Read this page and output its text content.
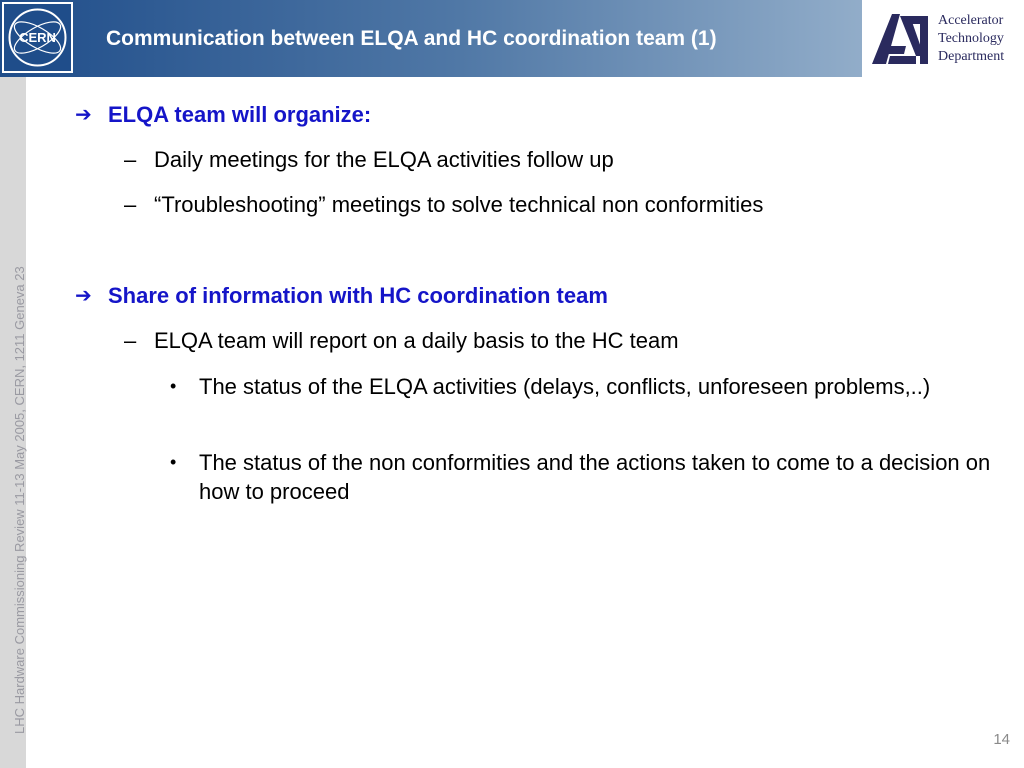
CERN Communication between ELQA and HC coordination team (1)
Accelerator
Technology
Department
LHC Hardware Commissioning Review 11-13 May 2005, CERN, 1211 Geneva 23
➔ ELQA team will organize:
– Daily meetings for the ELQA activities follow up
– “Troubleshooting” meetings to solve technical non conformities
➔ Share of information with HC coordination team
– ELQA team will report on a daily basis to the HC team
• The status of the ELQA activities (delays, conflicts, unforeseen problems,..)
• The status of the non conformities and the actions taken to come to a decision on how to proceed
14
